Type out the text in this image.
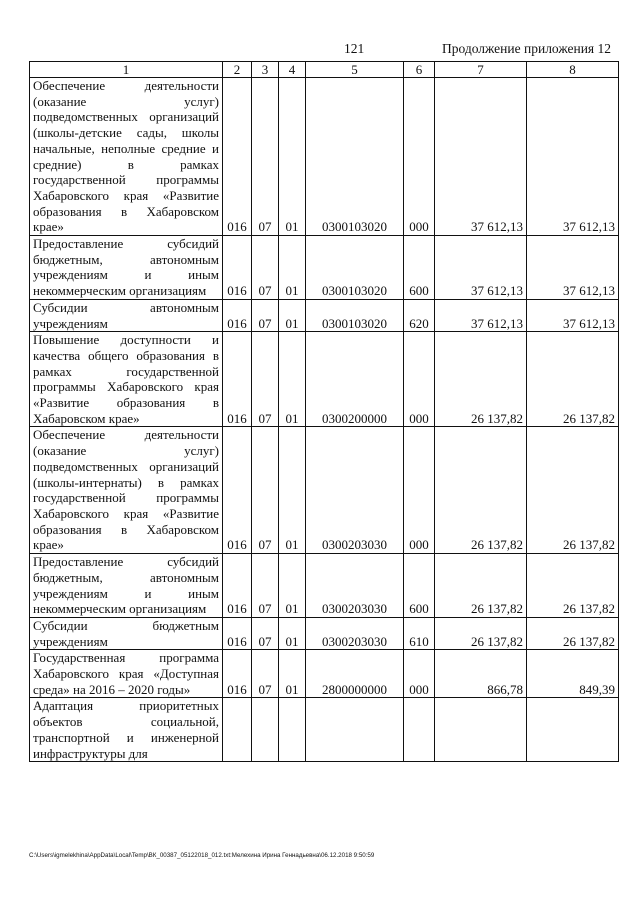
121	Продолжение приложения 12
1	2	3	4	5	6	7	8
Обеспечение деятельности (оказание услуг) подведомственных организаций (школы-детские сады, школы начальные, неполные средние и средние) в рамках государственной программы Хабаровского края «Развитие образования в Хабаровском крае»	016	07	01	0300103020	000	37 612,13	37 612,13
Предоставление субсидий бюджетным, автономным учреждениям и иным некоммерческим организациям	016	07	01	0300103020	600	37 612,13	37 612,13
Субсидии автономным учреждениям	016	07	01	0300103020	620	37 612,13	37 612,13
Повышение доступности и качества общего образования в рамках государственной программы Хабаровского края «Развитие образования в Хабаровском крае»	016	07	01	0300200000	000	26 137,82	26 137,82
Обеспечение деятельности (оказание услуг) подведомственных организаций (школы-интернаты) в рамках государственной программы Хабаровского края «Развитие образования в Хабаровском крае»	016	07	01	0300203030	000	26 137,82	26 137,82
Предоставление субсидий бюджетным, автономным учреждениям и иным некоммерческим организациям	016	07	01	0300203030	600	26 137,82	26 137,82
Субсидии бюджетным учреждениям	016	07	01	0300203030	610	26 137,82	26 137,82
Государственная программа Хабаровского края «Доступная среда» на 2016 – 2020 годы»	016	07	01	2800000000	000	866,78	849,39
Адаптация приоритетных объектов социальной, транспортной и инженерной инфраструктуры для							
C:\Users\igmelekhina\AppData\Local\Temp\ВК_00387_05122018_012.txt:Мелехина Ирина Геннадьевна\06.12.2018 9:50:59
